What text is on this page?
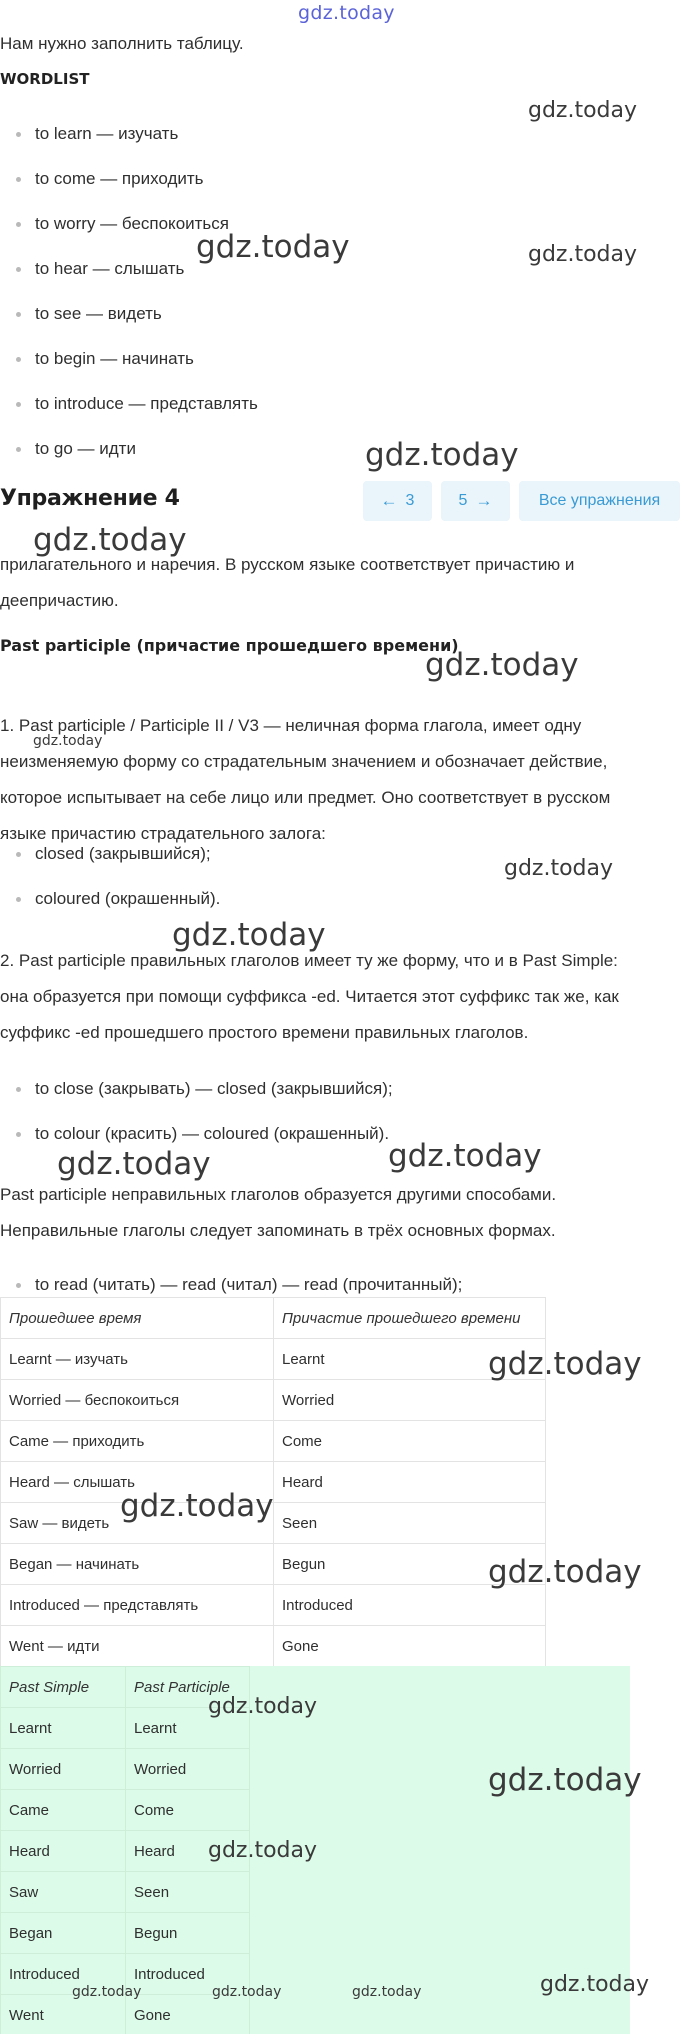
gdz.today
Нам нужно заполнить таблицу.
WORDLIST
to learn — изучать
to come — приходить
to worry — беспокоиться
to hear — слышать
to see — видеть
to begin — начинать
to introduce — представлять
to go — идти
Упражнение 4	← 3	5 →	Все упражнения
прилагательного и наречия. В русском языке соответствует причастию и
деепричастию.
Past participle (причастие прошедшего времени)
1. Past participle / Participle II / V3 — неличная форма глагола, имеет одну
неизменяемую форму со страдательным значением и обозначает действие,
которое испытывает на себе лицо или предмет. Оно соответствует в русском
языке причастию страдательного залога:
closed (закрывшийся);
coloured (окрашенный).
2. Past participle правильных глаголов имеет ту же форму, что и в Past Simple:
она образуется при помощи суффикса -ed. Читается этот суффикс так же, как
суффикс -ed прошедшего простого времени правильных глаголов.
to close (закрывать) — closed (закрывшийся);
to colour (красить) — coloured (окрашенный).
Past participle неправильных глаголов образуется другими способами.
Неправильные глаголы следует запоминать в трёх основных формах.
to read (читать) — read (читал) — read (прочитанный);
Прошедшее время	Причастие прошедшего времени
Learnt — изучать	Learnt
Worried — беспокоиться	Worried
Came — приходить	Come
Heard — слышать	Heard
Saw — видеть	Seen
Began — начинать	Begun
Introduced — представлять	Introduced
Went — идти	Gone
Past Simple	Past Participle
Learnt	Learnt
Worried	Worried
Came	Come
Heard	Heard
Saw	Seen
Began	Begun
Introduced	Introduced
Went	Gone
gdz.today
gdz.today	gdz.today
gdz.today
gdz.today
gdz.today
gdz.today
gdz.today
gdz.today
gdz.today	gdz.today
gdz.today
gdz.today
gdz.today
gdz.today
gdz.today
gdz.today
gdz.today	gdz.today	gdz.today	gdz.today
